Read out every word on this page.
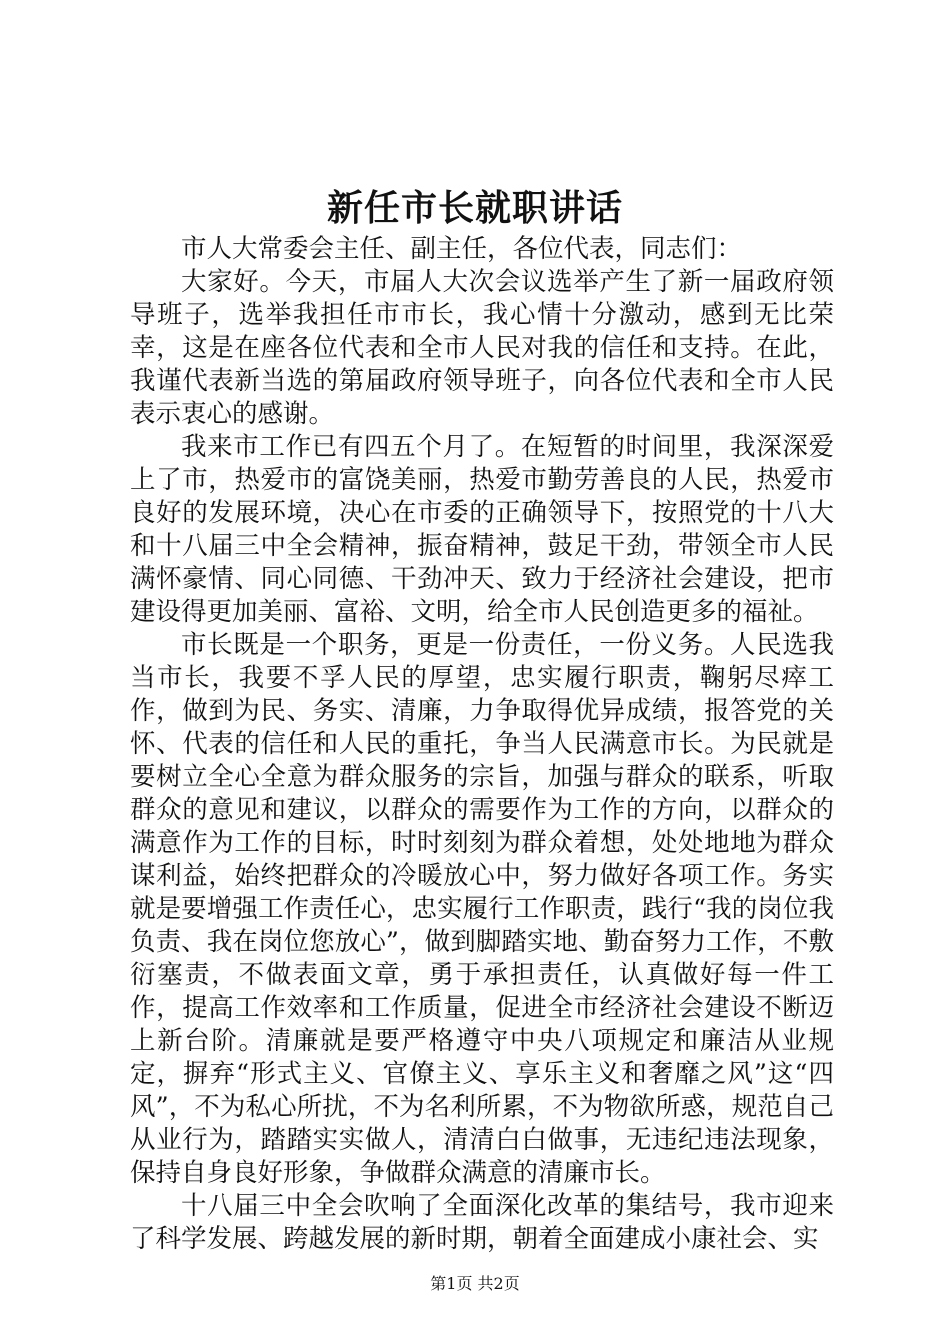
新任市长就职讲话

市人大常委会主任、副主任，各位代表，同志们：

大家好。今天，市届人大次会议选举产生了新一届政府领导班子，选举我担任市市长，我心情十分激动，感到无比荣幸，这是在座各位代表和全市人民对我的信任和支持。在此，我谨代表新当选的第届政府领导班子，向各位代表和全市人民表示衷心的感谢。

我来市工作已有四五个月了。在短暂的时间里，我深深爱上了市，热爱市的富饶美丽，热爱市勤劳善良的人民，热爱市良好的发展环境，决心在市委的正确领导下，按照党的十八大和十八届三中全会精神，振奋精神，鼓足干劲，带领全市人民满怀豪情、同心同德、干劲冲天、致力于经济社会建设，把市建设得更加美丽、富裕、文明，给全市人民创造更多的福祉。

市长既是一个职务，更是一份责任，一份义务。人民选我当市长，我要不孚人民的厚望，忠实履行职责，鞠躬尽瘁工作，做到为民、务实、清廉，力争取得优异成绩，报答党的关怀、代表的信任和人民的重托，争当人民满意市长。为民就是要树立全心全意为群众服务的宗旨，加强与群众的联系，听取群众的意见和建议，以群众的需要作为工作的方向，以群众的满意作为工作的目标，时时刻刻为群众着想，处处地地为群众谋利益，始终把群众的冷暖放心中，努力做好各项工作。务实就是要增强工作责任心，忠实履行工作职责，践行“我的岗位我负责、我在岗位您放心”，做到脚踏实地、勤奋努力工作，不敷衍塞责，不做表面文章，勇于承担责任，认真做好每一件工作，提高工作效率和工作质量，促进全市经济社会建设不断迈上新台阶。清廉就是要严格遵守中央八项规定和廉洁从业规定，摒弃“形式主义、官僚主义、享乐主义和奢靡之风”这“四风”，不为私心所扰，不为名利所累，不为物欲所惑，规范自己从业行为，踏踏实实做人，清清白白做事，无违纪违法现象，保持自身良好形象，争做群众满意的清廉市长。

十八届三中全会吹响了全面深化改革的集结号，我市迎来了科学发展、跨越发展的新时期，朝着全面建成小康社会、实

第1页 共2页
